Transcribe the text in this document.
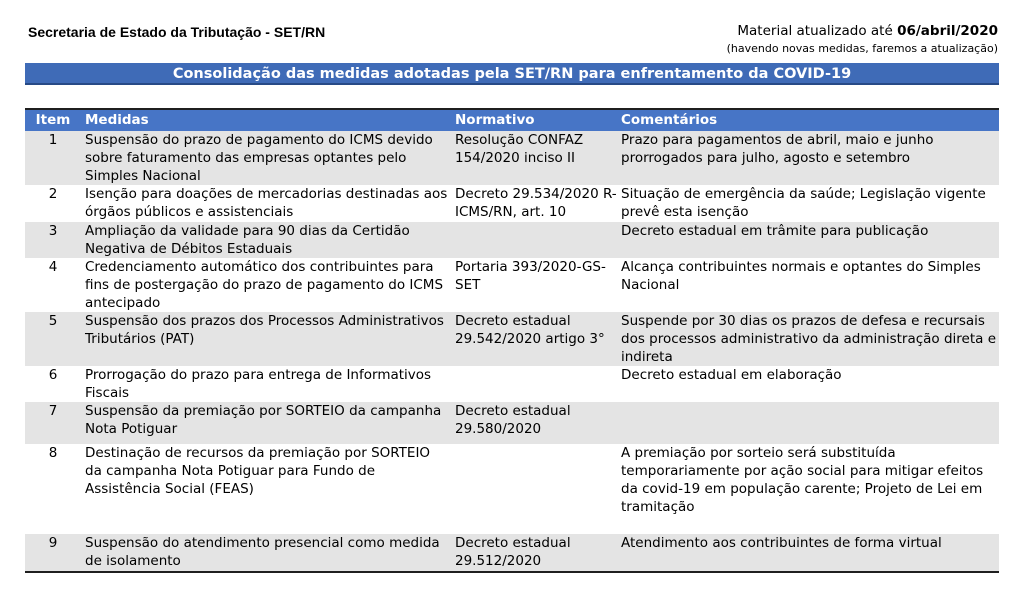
Secretaria de Estado da Tributação - SET/RN	Material atualizado até 06/abril/2020
(havendo novas medidas, faremos a atualização)
Consolidação das medidas adotadas pela SET/RN para enfrentamento da COVID-19
Item	Medidas	Normativo	Comentários
1	Suspensão do prazo de pagamento do ICMS devido sobre faturamento das empresas optantes pelo Simples Nacional	Resolução CONFAZ 154/2020 inciso II	Prazo para pagamentos de abril, maio e junho prorrogados para julho, agosto e setembro
2	Isenção para doações de mercadorias destinadas aos órgãos públicos e assistenciais	Decreto 29.534/2020 R-ICMS/RN, art. 10	Situação de emergência da saúde; Legislação vigente prevê esta isenção
3	Ampliação da validade para 90 dias da Certidão Negativa de Débitos Estaduais		Decreto estadual em trâmite para publicação
4	Credenciamento automático dos contribuintes para fins de postergação do prazo de pagamento do ICMS antecipado	Portaria 393/2020-GS-SET	Alcança contribuintes normais e optantes do Simples Nacional
5	Suspensão dos prazos dos Processos Administrativos Tributários (PAT)	Decreto estadual 29.542/2020 artigo 3°	Suspende por 30 dias os prazos de defesa e recursais dos processos administrativo da administração direta e indireta
6	Prorrogação do prazo para entrega de Informativos Fiscais		Decreto estadual em elaboração
7	Suspensão da premiação por SORTEIO da campanha Nota Potiguar	Decreto estadual 29.580/2020	
8	Destinação de recursos da premiação por SORTEIO da campanha Nota Potiguar para Fundo de Assistência Social (FEAS)		A premiação por sorteio será substituída temporariamente por ação social para mitigar efeitos da covid-19 em população carente; Projeto de Lei em tramitação
9	Suspensão do atendimento presencial como medida de isolamento	Decreto estadual 29.512/2020	Atendimento aos contribuintes de forma virtual
